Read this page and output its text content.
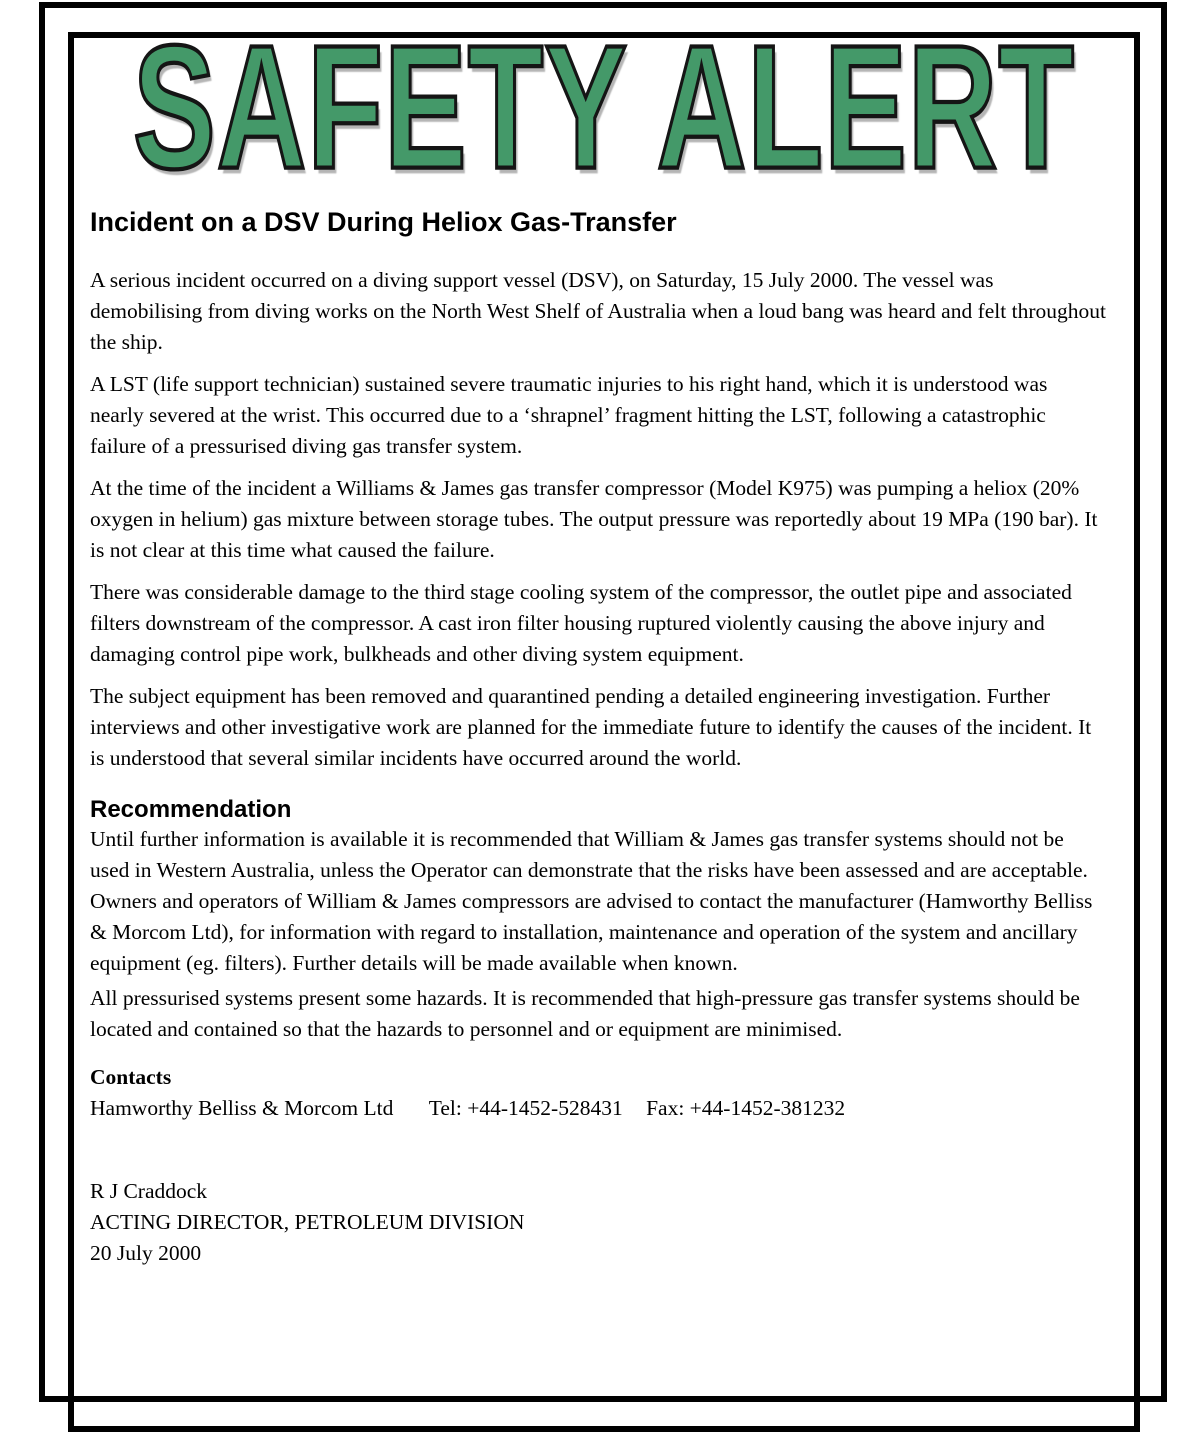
SAFETY ALERT
Incident on a DSV During Heliox Gas-Transfer

A serious incident occurred on a diving support vessel (DSV), on Saturday, 15 July 2000. The vessel was demobilising from diving works on the North West Shelf of Australia when a loud bang was heard and felt throughout the ship.

A LST (life support technician) sustained severe traumatic injuries to his right hand, which it is understood was nearly severed at the wrist. This occurred due to a ‘shrapnel’ fragment hitting the LST, following a catastrophic failure of a pressurised diving gas transfer system.

At the time of the incident a Williams & James gas transfer compressor (Model K975) was pumping a heliox (20% oxygen in helium) gas mixture between storage tubes. The output pressure was reportedly about 19 MPa (190 bar). It is not clear at this time what caused the failure.

There was considerable damage to the third stage cooling system of the compressor, the outlet pipe and associated filters downstream of the compressor. A cast iron filter housing ruptured violently causing the above injury and damaging control pipe work, bulkheads and other diving system equipment.

The subject equipment has been removed and quarantined pending a detailed engineering investigation. Further interviews and other investigative work are planned for the immediate future to identify the causes of the incident. It is understood that several similar incidents have occurred around the world.

Recommendation

Until further information is available it is recommended that William & James gas transfer systems should not be used in Western Australia, unless the Operator can demonstrate that the risks have been assessed and are acceptable. Owners and operators of William & James compressors are advised to contact the manufacturer (Hamworthy Belliss & Morcom Ltd), for information with regard to installation, maintenance and operation of the system and ancillary equipment (eg. filters). Further details will be made available when known.

All pressurised systems present some hazards. It is recommended that high-pressure gas transfer systems should be located and contained so that the hazards to personnel and or equipment are minimised.

Contacts

Hamworthy Belliss & Morcom Ltd Tel: +44-1452-528431 Fax: +44-1452-381232

R J Craddock

ACTING DIRECTOR, PETROLEUM DIVISION

20 July 2000
